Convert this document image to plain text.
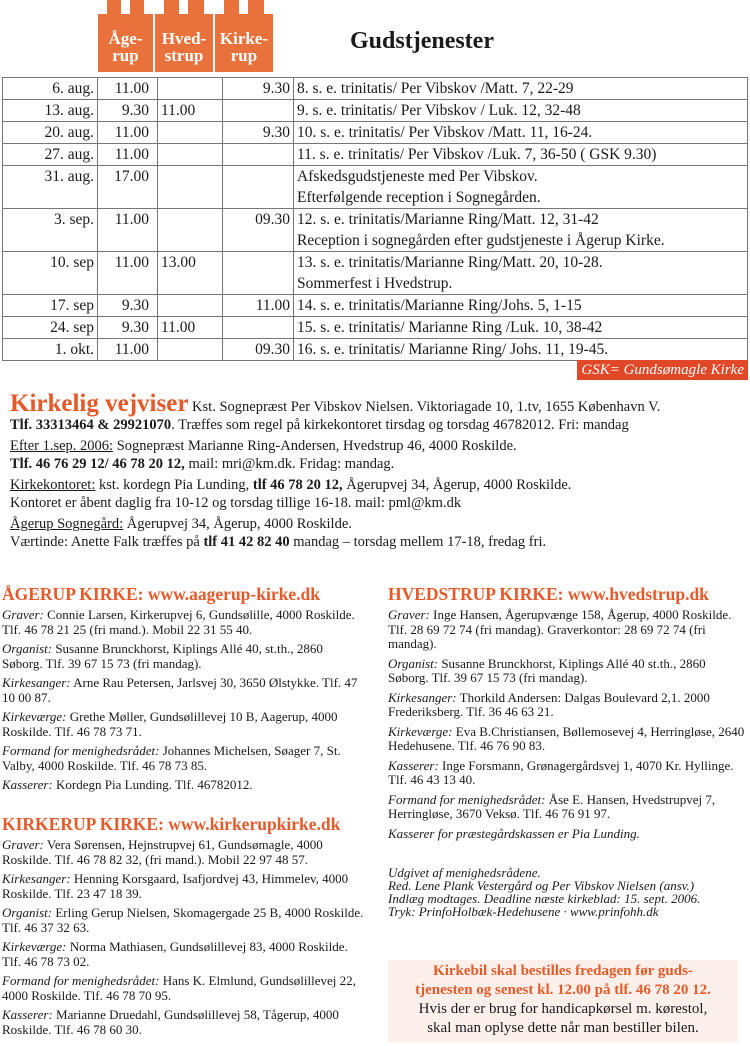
Åge-
rup
Hved-
strup
Kirke-
rup
Gudstjenester
6. aug.	11.00		9.30	8. s. e. trinitatis/ Per Vibskov /Matt. 7, 22-29
13. aug.	9.30	11.00		9. s. e. trinitatis/ Per Vibskov / Luk. 12, 32-48
20. aug.	11.00		9.30	10. s. e. trinitatis/ Per Vibskov /Matt. 11, 16-24.
27. aug.	11.00			11. s. e. trinitatis/ Per Vibskov /Luk. 7, 36-50 ( GSK 9.30)
31. aug.	17.00			Afskedsgudstjeneste med Per Vibskov.
Efterfølgende reception i Sognegården.
3. sep.	11.00		09.30	12. s. e. trinitatis/Marianne Ring/Matt. 12, 31-42
Reception i sognegården efter gudstjeneste i Ågerup Kirke.
10. sep	11.00	13.00		13. s. e. trinitatis/Marianne Ring/Matt. 20, 10-28.
Sommerfest i Hvedstrup.
17. sep	9.30		11.00	14. s. e. trinitatis/Marianne Ring/Johs. 5, 1-15
24. sep	9.30	11.00		15. s. e. trinitatis/ Marianne Ring /Luk. 10, 38-42
1. okt.	11.00		09.30	16. s. e. trinitatis/ Marianne Ring/ Johs. 11, 19-45.
GSK= Gundsømagle Kirke

Kirkelig vejviser Kst. Sognepræst Per Vibskov Nielsen. Viktoriagade 10, 1.tv, 1655 København V.

Tlf. 33313464 & 29921070. Træffes som regel på kirkekontoret tirsdag og torsdag 46782012. Fri: mandag

Efter 1.sep. 2006: Sognepræst Marianne Ring-Andersen, Hvedstrup 46, 4000 Roskilde.

Tlf. 46 76 29 12/ 46 78 20 12, mail: mri@km.dk. Fridag: mandag.

Kirkekontoret: kst. kordegn Pia Lunding, tlf 46 78 20 12, Ågerupvej 34, Ågerup, 4000 Roskilde.

Kontoret er åbent daglig fra 10-12 og torsdag tillige 16-18. mail: pml@km.dk

Ågerup Sognegård: Ågerupvej 34, Ågerup, 4000 Roskilde.

Værtinde: Anette Falk træffes på tlf 41 42 82 40 mandag – torsdag mellem 17-18, fredag fri.

ÅGERUP KIRKE: www.aagerup-kirke.dk

Graver: Connie Larsen, Kirkerupvej 6, Gundsølille, 4000 Roskilde. Tlf. 46 78 21 25 (fri mand.). Mobil 22 31 55 40.

Organist: Susanne Brunckhorst, Kiplings Allé 40, st.th., 2860 Søborg. Tlf. 39 67 15 73 (fri mandag).

Kirkesanger: Arne Rau Petersen, Jarlsvej 30, 3650 Ølstykke. Tlf. 47 10 00 87.

Kirkeværge: Grethe Møller, Gundsølillevej 10 B, Aagerup, 4000 Roskilde. Tlf. 46 78 73 71.

Formand for menighedsrådet: Johannes Michelsen, Søager 7, St. Valby, 4000 Roskilde. Tlf. 46 78 73 85.

Kasserer: Kordegn Pia Lunding. Tlf. 46782012.

KIRKERUP KIRKE: www.kirkerupkirke.dk

Graver: Vera Sørensen, Hejnstrupvej 61, Gundsømagle, 4000 Roskilde. Tlf. 46 78 82 32, (fri mand.). Mobil 22 97 48 57.

Kirkesanger: Henning Korsgaard, Isafjordvej 43, Himmelev, 4000 Roskilde. Tlf. 23 47 18 39.

Organist: Erling Gerup Nielsen, Skomagergade 25 B, 4000 Roskilde. Tlf. 46 37 32 63.

Kirkeværge: Norma Mathiasen, Gundsølillevej 83, 4000 Roskilde. Tlf. 46 78 73 02.

Formand for menighedsrådet: Hans K. Elmlund, Gundsølillevej 22, 4000 Roskilde. Tlf. 46 78 70 95.

Kasserer: Marianne Druedahl, Gundsølillevej 58, Tågerup, 4000 Roskilde. Tlf. 46 78 60 30.

HVEDSTRUP KIRKE: www.hvedstrup.dk

Graver: Inge Hansen, Ågerupvænge 158, Ågerup, 4000 Roskilde. Tlf. 28 69 72 74 (fri mandag). Graverkontor: 28 69 72 74 (fri mandag).

Organist: Susanne Brunckhorst, Kiplings Allé 40 st.th., 2860 Søborg. Tlf. 39 67 15 73 (fri mandag).

Kirkesanger: Thorkild Andersen: Dalgas Boulevard 2,1. 2000 Frederiksberg. Tlf. 36 46 63 21.

Kirkeværge: Eva B.Christiansen, Bøllemosevej 4, Herringløse, 2640 Hedehusene. Tlf. 46 76 90 83.

Kasserer: Inge Forsmann, Grønagergårdsvej 1, 4070 Kr. Hyllinge. Tlf. 46 43 13 40.

Formand for menighedsrådet: Åse E. Hansen, Hvedstrupvej 7, Herringløse, 3670 Veksø. Tlf. 46 76 91 97.

Kasserer for præstegårdskassen er Pia Lunding.

Udgivet af menighedsrådene.

Red. Lene Plank Vestergård og Per Vibskov Nielsen (ansv.)

Indlæg modtages. Deadline næste kirkeblad: 15. sept. 2006.

Tryk: PrinfoHolbæk-Hedehusene · www.prinfohh.dk

Kirkebil skal bestilles fredagen før guds-
tjenesten og senest kl. 12.00 på tlf. 46 78 20 12.
Hvis der er brug for handicapkørsel m. kørestol,
skal man oplyse dette når man bestiller bilen.
